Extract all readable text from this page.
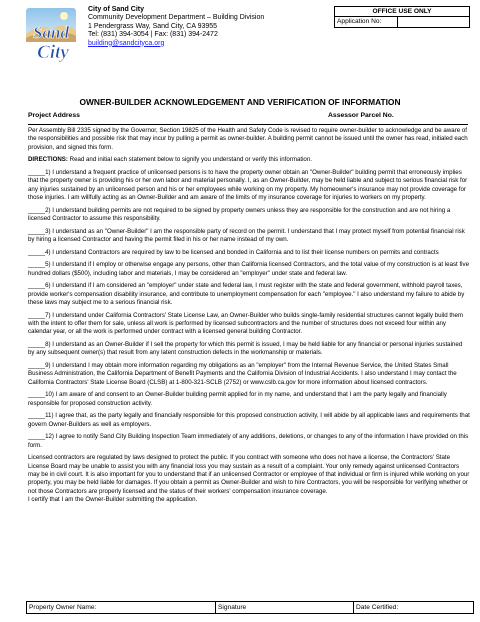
Sand
City
City of Sand City
Community Development Department – Building Division
1 Pendergrass Way, Sand City, CA 93955
Tel: (831) 394-3054 | Fax: (831) 394-2472
building@sandcityca.org
OFFICE USE ONLY
Application No:
OWNER-BUILDER ACKNOWLEDGEMENT AND VERIFICATION OF INFORMATION
Project Address	Assessor Parcel No.

Per Assembly Bill 2335 signed by the Governor, Section 19825 of the Health and Safety Code is revised to require owner-builder to acknowledge and be aware of the responsibilities and possible risk that may incur by pulling a permit as owner-builder. A building permit cannot be issued until the owner has read, initialed each provision, and signed this form.

DIRECTIONS: Read and initial each statement below to signify you understand or verify this information.

_____1) I understand a frequent practice of unlicensed persons is to have the property owner obtain an "Owner-Builder" building permit that erroneously implies that the property owner is providing his or her own labor and material personally. I, as an Owner-Builder, may be held liable and subject to serious financial risk for any injuries sustained by an unlicensed person and his or her employees while working on my property. My homeowner's insurance may not provide coverage for those injuries. I am willfully acting as an Owner-Builder and am aware of the limits of my insurance coverage for injuries to workers on my property.

_____2) I understand building permits are not required to be signed by property owners unless they are responsible for the construction and are not hiring a licensed Contractor to assume this responsibility.

_____3) I understand as an "Owner-Builder" I am the responsible party of record on the permit. I understand that I may protect myself from potential financial risk by hiring a licensed Contractor and having the permit filed in his or her name instead of my own.

_____4) I understand Contractors are required by law to be licensed and bonded in California and to list their license numbers on permits and contracts

_____5) I understand if I employ or otherwise engage any persons, other than California licensed Contractors, and the total value of my construction is at least five hundred dollars ($500), including labor and materials, I may be considered an "employer" under state and federal law.

_____6) I understand if I am considered an "employer" under state and federal law, I must register with the state and federal government, withhold payroll taxes, provide worker's compensation disability insurance, and contribute to unemployment compensation for each "employee." I also understand my failure to abide by these laws may subject me to a serious financial risk.

_____7) I understand under California Contractors' State License Law, an Owner-Builder who builds single-family residential structures cannot legally build them with the intent to offer them for sale, unless all work is performed by licensed subcontractors and the number of structures does not exceed four within any calendar year, or all the work is performed under contract with a licensed general building Contractor.

_____8) I understand as an Owner-Builder if I sell the property for which this permit is issued, I may be held liable for any financial or personal injuries sustained by any subsequent owner(s) that result from any latent construction defects in the workmanship or materials.

_____9) I understand I may obtain more information regarding my obligations as an "employer" from the Internal Revenue Service, the United States Small Business Administration, the California Department of Benefit Payments and the California Division of Industrial Accidents. I also understand I may contact the California Contractors' State License Board (CLSB) at 1-800-321-SCLB (2752) or www.cslb.ca.gov for more information about licensed contractors.

_____10) I am aware of and consent to an Owner-Builder building permit applied for in my name, and understand that I am the party legally and financially responsible for proposed construction activity.

_____11) I agree that, as the party legally and financially responsible for this proposed construction activity, I will abide by all applicable laws and requirements that govern Owner-Builders as well as employers.

_____12) I agree to notify Sand City Building Inspection Team immediately of any additions, deletions, or changes to any of the information I have provided on this form.

Licensed contractors are regulated by laws designed to protect the public. If you contract with someone who does not have a license, the Contractors' State License Board may be unable to assist you with any financial loss you may sustain as a result of a complaint. Your only remedy against unlicensed Contractors may be in civil court. It is also important for you to understand that if an unlicensed Contractor or employee of that individual or firm is injured while working on your property, you may be held liable for damages. If you obtain a permit as Owner-Builder and wish to hire Contractors, you will be responsible for verifying whether or not those Contractors are properly licensed and the status of their workers' compensation insurance coverage.
I certify that I am the Owner-Builder submitting the application.

Property Owner Name:	Signature	Date Certified:
